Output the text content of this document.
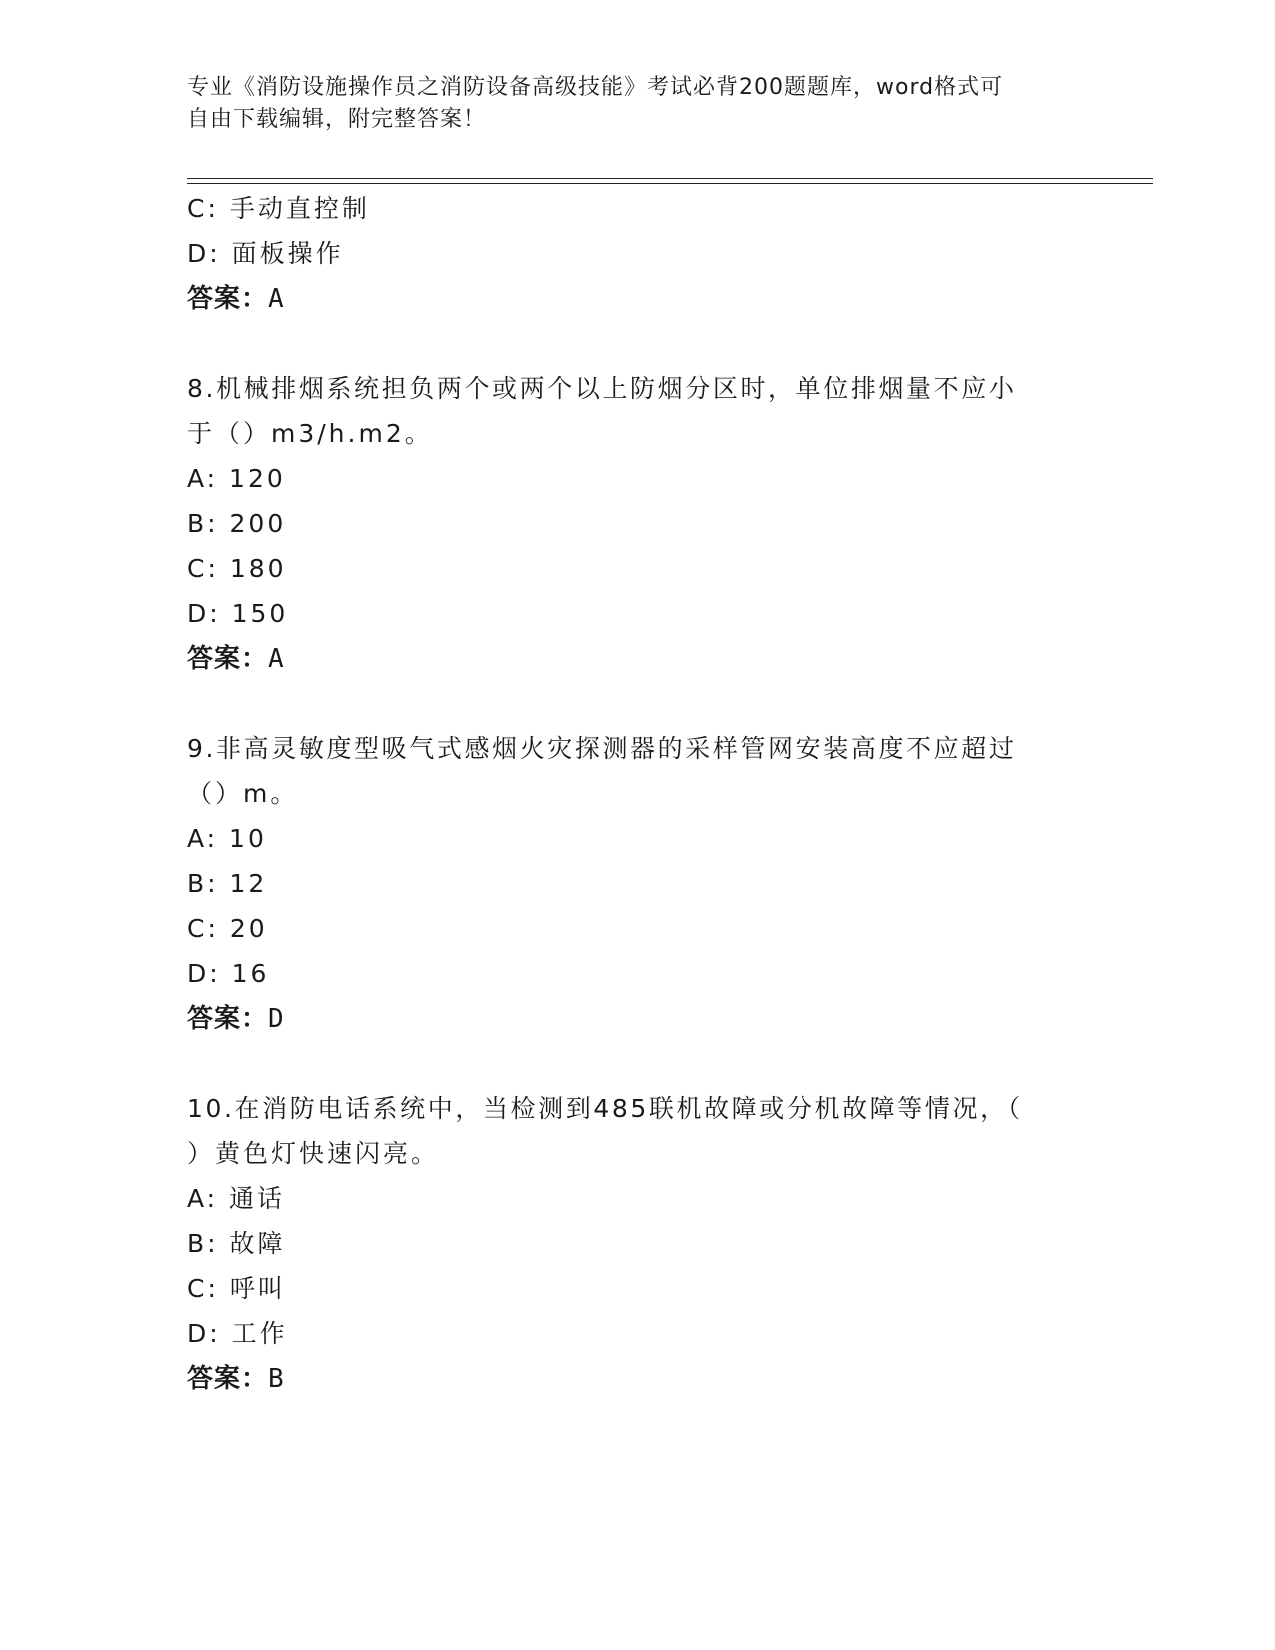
专业《消防设施操作员之消防设备高级技能》考试必背200题题库，word格式可
自由下载编辑，附完整答案！
C: 手动直控制
D: 面板操作
答案：A
8.机械排烟系统担负两个或两个以上防烟分区时，单位排烟量不应小
于（）m3/h.m2。
A: 120
B: 200
C: 180
D: 150
答案：A
9.非高灵敏度型吸气式感烟火灾探测器的采样管网安装高度不应超过
（）m。
A: 10
B: 12
C: 20
D: 16
答案：D
10.在消防电话系统中，当检测到485联机故障或分机故障等情况，（
）黄色灯快速闪亮。
A: 通话
B: 故障
C: 呼叫
D: 工作
答案：B
